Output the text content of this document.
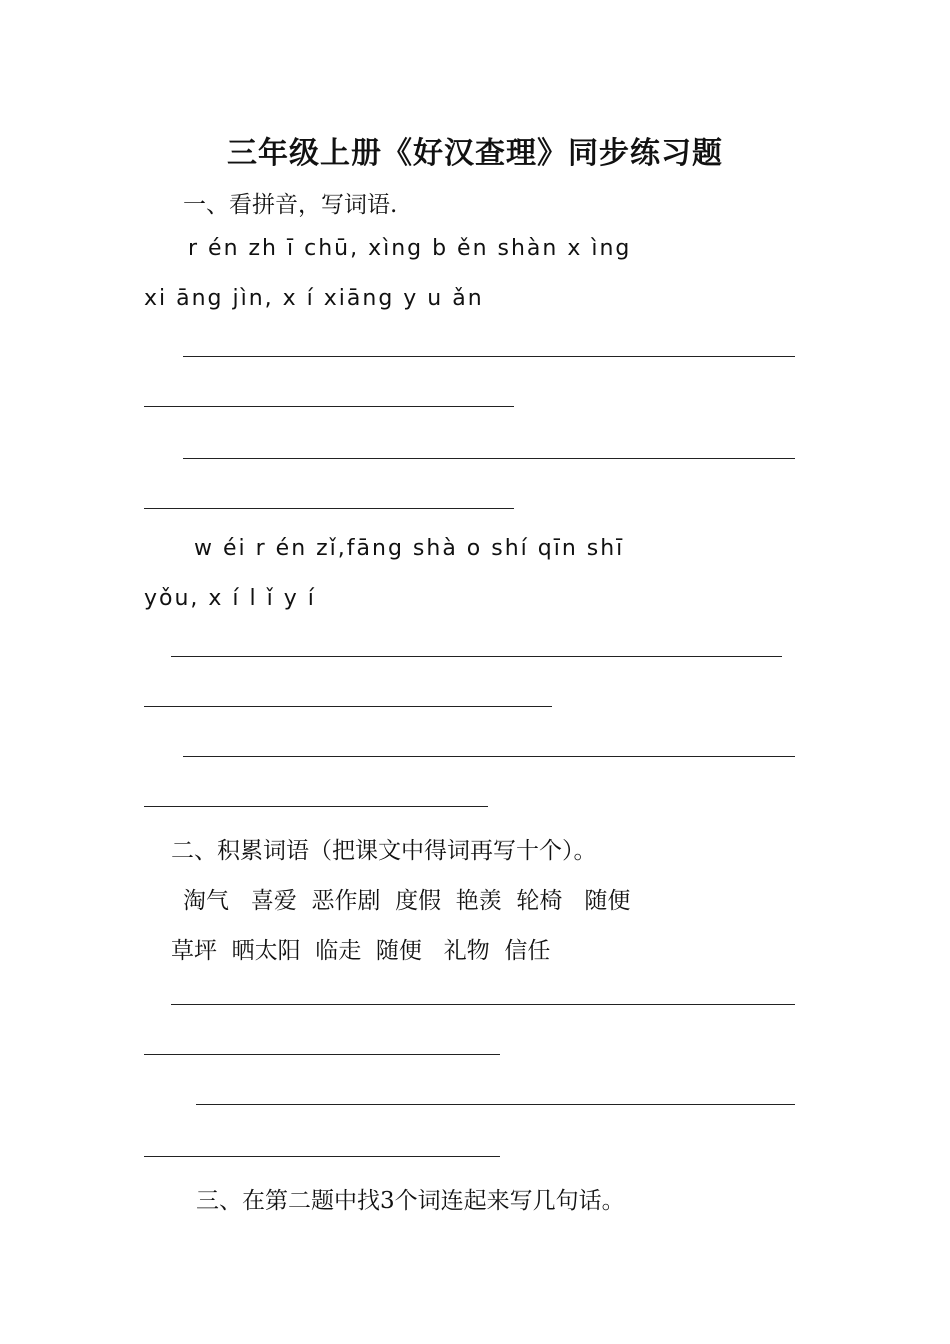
三年级上册《好汉查理》同步练习题
一、看拼音，写词语.
r én zh ī chū, xìng b ěn shàn x ìng
xi āng jìn, x í xiāng y u ǎn
w éi r én zǐ,fāng shà o shí qīn shī
yǒu, x í l ǐ y í
二、积累词语（把课文中得词再写十个）。
淘气   喜爱  恶作剧  度假  艳羡  轮椅   随便
草坪  晒太阳  临走  随便   礼物  信任
三、在第二题中找3个词连起来写几句话。
